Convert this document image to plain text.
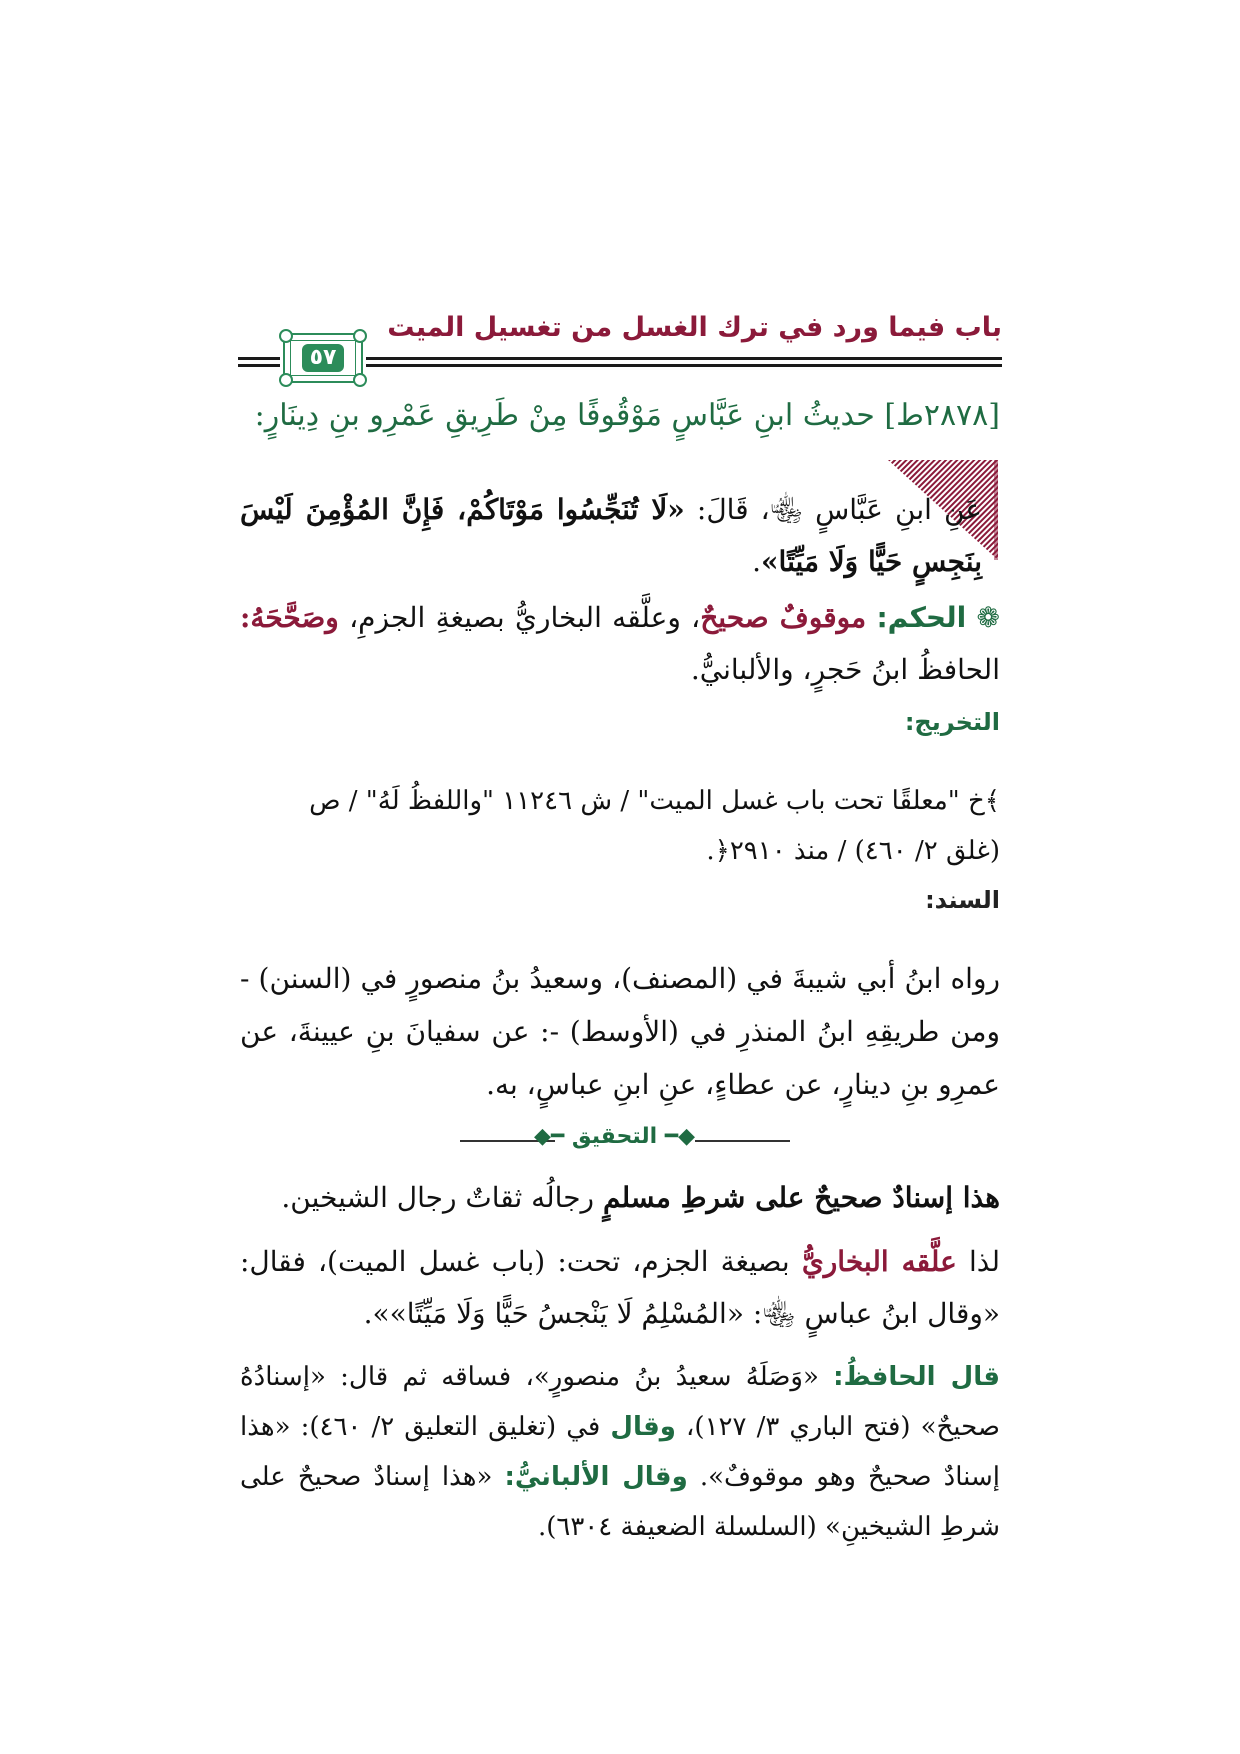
باب فيما ورد في ترك الغسل من تغسيل الميت
٥٧
[٢٨٧٨ط] حديثُ ابنِ عَبَّاسٍ مَوْقُوفًا مِنْ طَرِيقِ عَمْرِو بنِ دِينَارٍ:
عَنِ ابنِ عَبَّاسٍ ﵄، قَالَ: «لَا تُنَجِّسُوا مَوْتَاكُمْ، فَإِنَّ المُؤْمِنَ لَيْسَ بِنَجِسٍ حَيًّا وَلَا مَيِّتًا».
❁ الحكم: موقوفٌ صحيحٌ، وعلَّقه البخاريُّ بصيغةِ الجزمِ، وصَحَّحَهُ: الحافظُ ابنُ حَجرٍ، والألبانيُّ.
التخريج:
﴾خ "معلقًا تحت باب غسل الميت" / ش ١١٢٤٦ "واللفظُ لَهُ" / ص
(غلق ٢/ ٤٦٠) / منذ ٢٩١٠﴿.
السند:
رواه ابنُ أبي شيبةَ في (المصنف)، وسعيدُ بنُ منصورٍ في (السنن) - ومن طريقِهِ ابنُ المنذرِ في (الأوسط) -: عن سفيانَ بنِ عيينةَ، عن عمرِو بنِ دينارٍ، عن عطاءٍ، عنِ ابنِ عباسٍ، به.
◆━ التحقيق ━◆
هذا إسنادٌ صحيحٌ على شرطِ مسلمٍ رجالُه ثقاتٌ رجال الشيخين.
لذا علَّقه البخاريُّ بصيغة الجزم، تحت: (باب غسل الميت)، فقال: «وقال ابنُ عباسٍ ﵄: «المُسْلِمُ لَا يَنْجسُ حَيًّا وَلَا مَيِّتًا»».
قال الحافظُ: «وَصَلَهُ سعيدُ بنُ منصورٍ»، فساقه ثم قال: «إسنادُهُ صحيحٌ» (فتح الباري ٣/ ١٢٧)، وقال في (تغليق التعليق ٢/ ٤٦٠): «هذا إسنادٌ صحيحٌ وهو موقوفٌ». وقال الألبانيُّ: «هذا إسنادٌ صحيحٌ على شرطِ الشيخينِ» (السلسلة الضعيفة ٦٣٠٤).
